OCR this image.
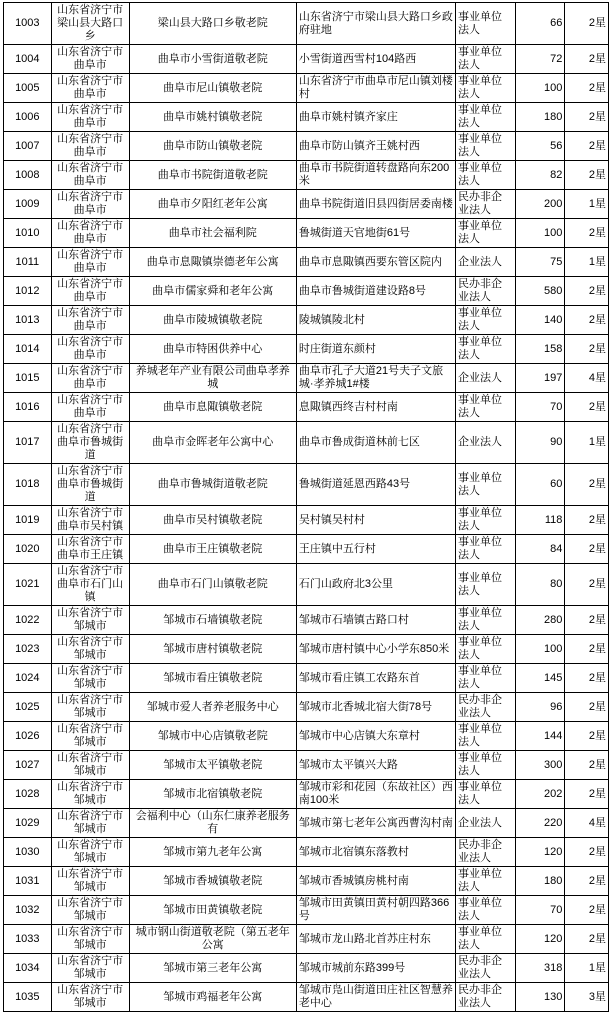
1003	山东省济宁市梁山县大路口乡	梁山县大路口乡敬老院	山东省济宁市梁山县大路口乡政府驻地	事业单位法人	66	2星
1004	山东省济宁市曲阜市	曲阜市小雪街道敬老院	小雪街道西雪村104路西	事业单位法人	72	2星
1005	山东省济宁市曲阜市	曲阜市尼山镇敬老院	山东省济宁市曲阜市尼山镇刘楼村	事业单位法人	100	2星
1006	山东省济宁市曲阜市	曲阜市姚村镇敬老院	曲阜市姚村镇齐家庄	事业单位法人	180	2星
1007	山东省济宁市曲阜市	曲阜市防山镇敬老院	曲阜市防山镇齐王姚村西	事业单位法人	56	2星
1008	山东省济宁市曲阜市	曲阜市书院街道敬老院	曲阜市书院街道转盘路向东200米	事业单位法人	82	2星
1009	山东省济宁市曲阜市	曲阜市夕阳红老年公寓	曲阜书院街道旧县四街居委南楼	民办非企业法人	200	1星
1010	山东省济宁市曲阜市	曲阜市社会福利院	鲁城街道天官地街61号	事业单位法人	100	2星
1011	山东省济宁市曲阜市	曲阜市息陬镇崇德老年公寓	曲阜市息陬镇西要东管区院内	企业法人	75	1星
1012	山东省济宁市曲阜市	曲阜市儒家舜和老年公寓	曲阜市鲁城街道建设路8号	民办非企业法人	580	2星
1013	山东省济宁市曲阜市	曲阜市陵城镇敬老院	陵城镇陵北村	事业单位法人	140	2星
1014	山东省济宁市曲阜市	曲阜市特困供养中心	时庄街道东颜村	事业单位法人	158	2星
1015	山东省济宁市曲阜市	养城老年产业有限公司曲阜孝养城	曲阜市孔子大道21号夫子文旅城·孝养城1#楼	企业法人	197	4星
1016	山东省济宁市曲阜市	曲阜市息陬镇敬老院	息陬镇西终吉村村南	事业单位法人	70	2星
1017	山东省济宁市曲阜市鲁城街道	曲阜市金晖老年公寓中心	曲阜市鲁成街道林前七区	企业法人	90	1星
1018	山东省济宁市曲阜市鲁城街道	曲阜市鲁城街道敬老院	鲁城街道延恩西路43号	事业单位法人	60	2星
1019	山东省济宁市曲阜市吴村镇	曲阜市吴村镇敬老院	吴村镇吴村村	事业单位法人	118	2星
1020	山东省济宁市曲阜市王庄镇	曲阜市王庄镇敬老院	王庄镇中五行村	事业单位法人	84	2星
1021	山东省济宁市曲阜市石门山镇	曲阜市石门山镇敬老院	石门山政府北3公里	事业单位法人	80	2星
1022	山东省济宁市邹城市	邹城市石墙镇敬老院	邹城市石墙镇古路口村	事业单位法人	280	2星
1023	山东省济宁市邹城市	邹城市唐村镇敬老院	邹城市唐村镇中心小学东850米	事业单位法人	100	2星
1024	山东省济宁市邹城市	邹城市看庄镇敬老院	邹城市看庄镇工农路东首	事业单位法人	145	2星
1025	山东省济宁市邹城市	邹城市爱人者养老服务中心	邹城市北香城北宿大街78号	民办非企业法人	96	2星
1026	山东省济宁市邹城市	邹城市中心店镇敬老院	邹城市中心店镇大东章村	事业单位法人	144	2星
1027	山东省济宁市邹城市	邹城市太平镇敬老院	邹城市太平镇兴大路	事业单位法人	300	2星
1028	山东省济宁市邹城市	邹城市北宿镇敬老院	邹城市彩和花园（东故社区）西南100米	事业单位法人	202	2星
1029	山东省济宁市邹城市	会福利中心（山东仁康养老服务有	邹城市第七老年公寓西曹沟村南	企业法人	220	4星
1030	山东省济宁市邹城市	邹城市第九老年公寓	邹城市北宿镇东落教村	民办非企业法人	120	2星
1031	山东省济宁市邹城市	邹城市香城镇敬老院	邹城市香城镇房桃村南	事业单位法人	180	2星
1032	山东省济宁市邹城市	邹城市田黄镇敬老院	邹城市田黄镇田黄村朝四路366号	事业单位法人	70	2星
1033	山东省济宁市邹城市	城市钢山街道敬老院（第五老年公寓	邹城市龙山路北首苏庄村东	事业单位法人	120	2星
1034	山东省济宁市邹城市	邹城市第三老年公寓	邹城市城前东路399号	民办非企业法人	318	1星
1035	山东省济宁市邹城市	邹城市鸡福老年公寓	邹城市凫山街道田庄社区智慧养老中心	民办非企业法人	130	3星
